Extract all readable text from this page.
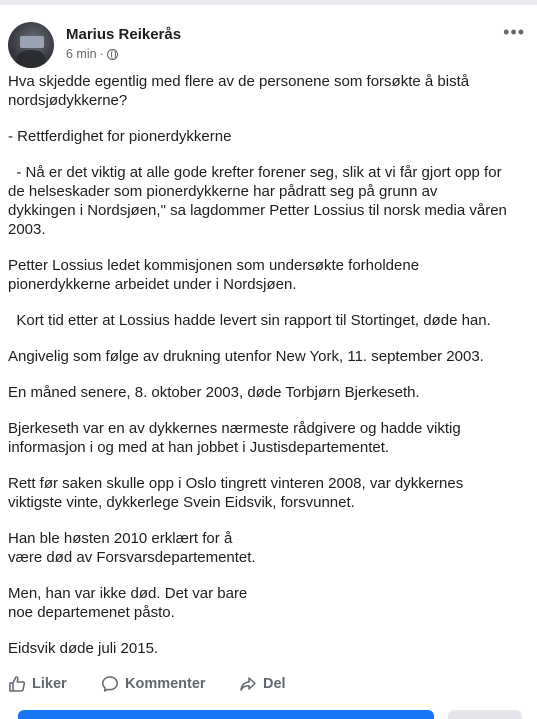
Marius Reikerås
6 min ·
•••

Hva skjedde egentlig med flere av de personene som forsøkte å bistå
nordsjødykkerne?

- Rettferdighet for pionerdykkerne

- Nå er det viktig at alle gode krefter forener seg, slik at vi får gjort opp for
de helseskader som pionerdykkerne har pådratt seg på grunn av
dykkingen i Nordsjøen," sa lagdommer Petter Lossius til norsk media våren
2003.

Petter Lossius ledet kommisjonen som undersøkte forholdene
pionerdykkerne arbeidet under i Nordsjøen.

Kort tid etter at Lossius hadde levert sin rapport til Stortinget, døde han.

Angivelig som følge av drukning utenfor New York, 11. september 2003.

En måned senere, 8. oktober 2003, døde Torbjørn Bjerkeseth.

Bjerkeseth var en av dykkernes nærmeste rådgivere og hadde viktig
informasjon i og med at han jobbet i Justisdepartementet.

Rett før saken skulle opp i Oslo tingrett vinteren 2008, var dykkernes
viktigste vinte, dykkerlege Svein Eidsvik, forsvunnet.

Han ble høsten 2010 erklært for å
være død av Forsvarsdepartementet.

Men, han var ikke død. Det var bare
noe departemenet påsto.

Eidsvik døde juli 2015.

Liker	Kommenter	Del
